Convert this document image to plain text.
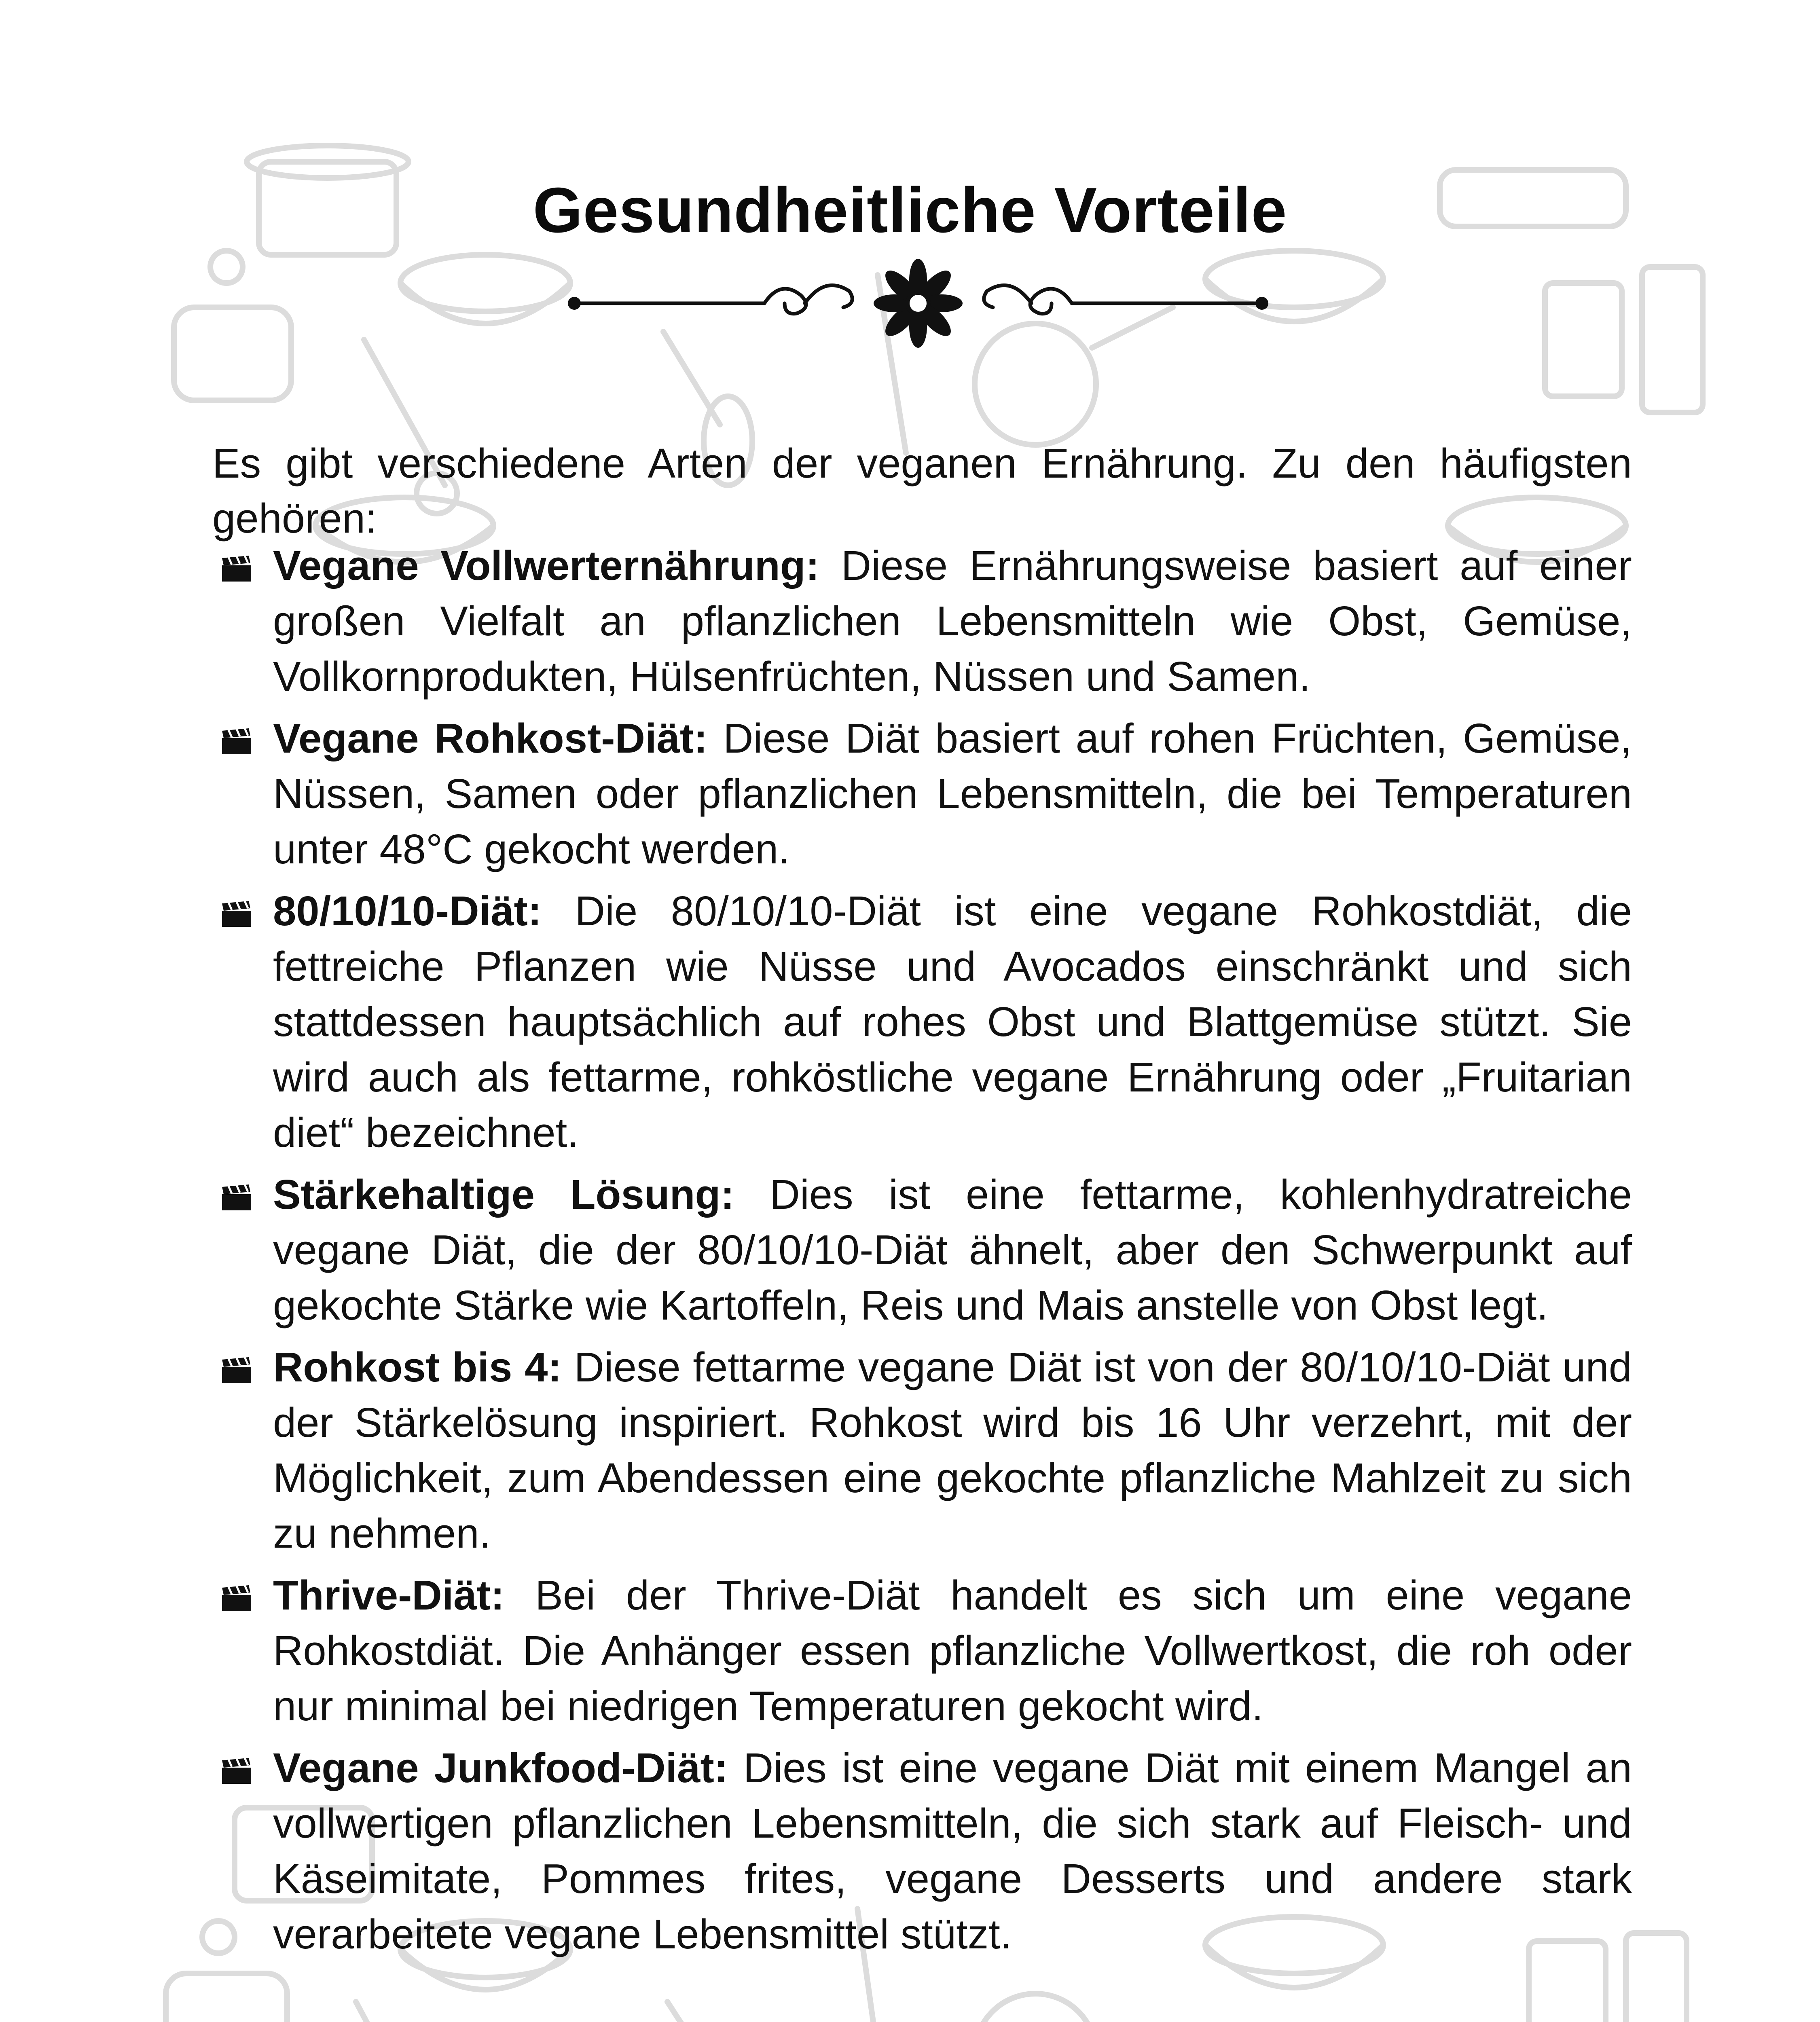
Gesundheitliche Vorteile

Es gibt verschiedene Arten der veganen Ernährung. Zu den häufigsten gehören:

Vegane Vollwerternährung: Diese Ernährungsweise basiert auf einer großen Vielfalt an pflanzlichen Lebensmitteln wie Obst, Gemüse, Vollkornprodukten, Hülsenfrüchten, Nüssen und Samen.

Vegane Rohkost-Diät: Diese Diät basiert auf rohen Früchten, Gemüse, Nüssen, Samen oder pflanzlichen Lebensmitteln, die bei Temperaturen unter 48°C gekocht werden.

80/10/10-Diät: Die 80/10/10-Diät ist eine vegane Rohkostdiät, die fettreiche Pflanzen wie Nüsse und Avocados einschränkt und sich stattdessen hauptsächlich auf rohes Obst und Blattgemüse stützt. Sie wird auch als fettarme, rohköstliche vegane Ernährung oder „Fruitarian diet“ bezeichnet.

Stärkehaltige Lösung: Dies ist eine fettarme, kohlenhydratreiche vegane Diät, die der 80/10/10-Diät ähnelt, aber den Schwerpunkt auf gekochte Stärke wie Kartoffeln, Reis und Mais anstelle von Obst legt.

Rohkost bis 4: Diese fettarme vegane Diät ist von der 80/10/10-Diät und der Stärkelösung inspiriert. Rohkost wird bis 16 Uhr verzehrt, mit der Möglichkeit, zum Abendessen eine gekochte pflanzliche Mahlzeit zu sich zu nehmen.

Thrive-Diät: Bei der Thrive-Diät handelt es sich um eine vegane Rohkostdiät. Die Anhänger essen pflanzliche Vollwertkost, die roh oder nur minimal bei niedrigen Temperaturen gekocht wird.

Vegane Junkfood-Diät: Dies ist eine vegane Diät mit einem Mangel an vollwertigen pflanzlichen Lebensmitteln, die sich stark auf Fleisch- und Käseimitate, Pommes frites, vegane Desserts und andere stark verarbeitete vegane Lebensmittel stützt.
